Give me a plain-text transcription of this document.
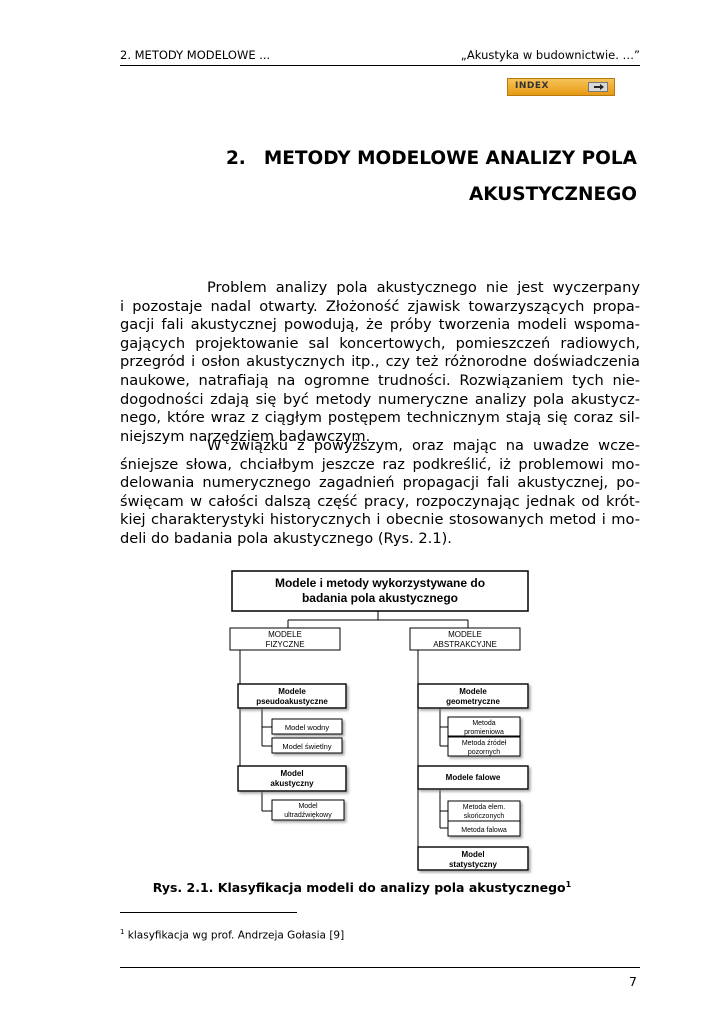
2. METODY MODELOWE ...	„Akustyka w budownictwie. …”
INDEX
2. METODY MODELOWE ANALIZY POLA
AKUSTYCZNEGO
Problem analizy pola akustycznego nie jest wyczerpany
i pozostaje nadal otwarty. Złożoność zjawisk towarzyszących propa-
gacji fali akustycznej powodują, że próby tworzenia modeli wspoma-
gających projektowanie sal koncertowych, pomieszczeń radiowych,
przegród i osłon akustycznych itp., czy też różnorodne doświadczenia
naukowe, natrafiają na ogromne trudności. Rozwiązaniem tych nie-
dogodności zdają się być metody numeryczne analizy pola akustycz-
nego, które wraz z ciągłym postępem technicznym stają się coraz sil-
niejszym narzędziem badawczym.
W związku z powyższym, oraz mając na uwadze wcze-
śniejsze słowa, chciałbym jeszcze raz podkreślić, iż problemowi mo-
delowania numerycznego zagadnień propagacji fali akustycznej, po-
święcam w całości dalszą część pracy, rozpoczynając jednak od krót-
kiej charakterystyki historycznych i obecnie stosowanych metod i mo-
deli do badania pola akustycznego (Rys. 2.1).
Modele i metody wykorzystywane do
badania pola akustycznego
MODELE
FIZYCZNE
MODELE
ABSTRAKCYJNE
Modele
pseudoakustyczne
Model wodny
Model świetlny
Model
akustyczny
Model
ultradźwiękowy
Modele
geometryczne
Metoda
promieniowa
Metoda źródeł
pozornych
Modele falowe
Metoda elem.
skończonych
Metoda falowa
Model
statystyczny
Rys. 2.1. Klasyfikacja modeli do analizy pola akustycznego$^1$
$^1$ klasyfikacja wg prof. Andrzeja Gołasia [9]
7
